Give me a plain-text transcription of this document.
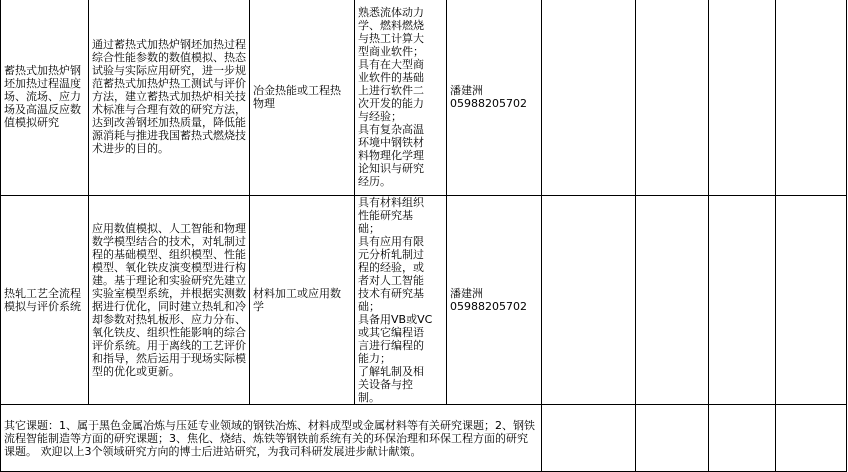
蓄热式加热炉钢坯加热过程温度场、流场、应力场及高温反应数值模拟研究	通过蓄热式加热炉钢坯加热过程综合性能参数的数值模拟、热态试验与实际应用研究，进一步规范蓄热式加热炉热工测试与评价方法，建立蓄热式加热炉相关技术标准与合理有效的研究方法，达到改善钢坯加热质量，降低能源消耗与推进我国蓄热式燃烧技术进步的目的。	冶金热能或工程热物理	熟悉流体动力学、燃料燃烧与热工计算大型商业软件；
具有在大型商业软件的基础上进行软件二次开发的能力与经验；
具有复杂高温环境中钢铁材料物理化学理论知识与研究经历。	潘建洲
05988205702				

热轧工艺全流程模拟与评价系统	应用数值模拟、人工智能和物理数学模型结合的技术，对轧制过程的基础模型、组织模型、性能模型、氧化铁皮演变模型进行构建。基于理论和实验研究先建立实验室模型系统，并根据实测数据进行优化，同时建立热轧和冷却参数对热轧板形、应力分布、氧化铁皮、组织性能影响的综合评价系统。用于离线的工艺评价和指导，然后运用于现场实际模型的优化或更新。	材料加工或应用数学	具有材料组织性能研究基础；
具有应用有限元分析轧制过程的经验，或者对人工智能技术有研究基础；
具备用VB或VC或其它编程语言进行编程的能力；
了解轧制及相关设备与控制。	潘建洲
05988205702				

其它课题：1、属于黑色金属冶炼与压延专业领域的钢铁冶炼、材料成型或金属材料等有关研究课题；2、钢铁流程智能制造等方面的研究课题；3、焦化、烧结、炼铁等钢铁前系统有关的环保治理和环保工程方面的研究课题。 欢迎以上3个领域研究方向的博士后进站研究，为我司科研发展进步献计献策。								
